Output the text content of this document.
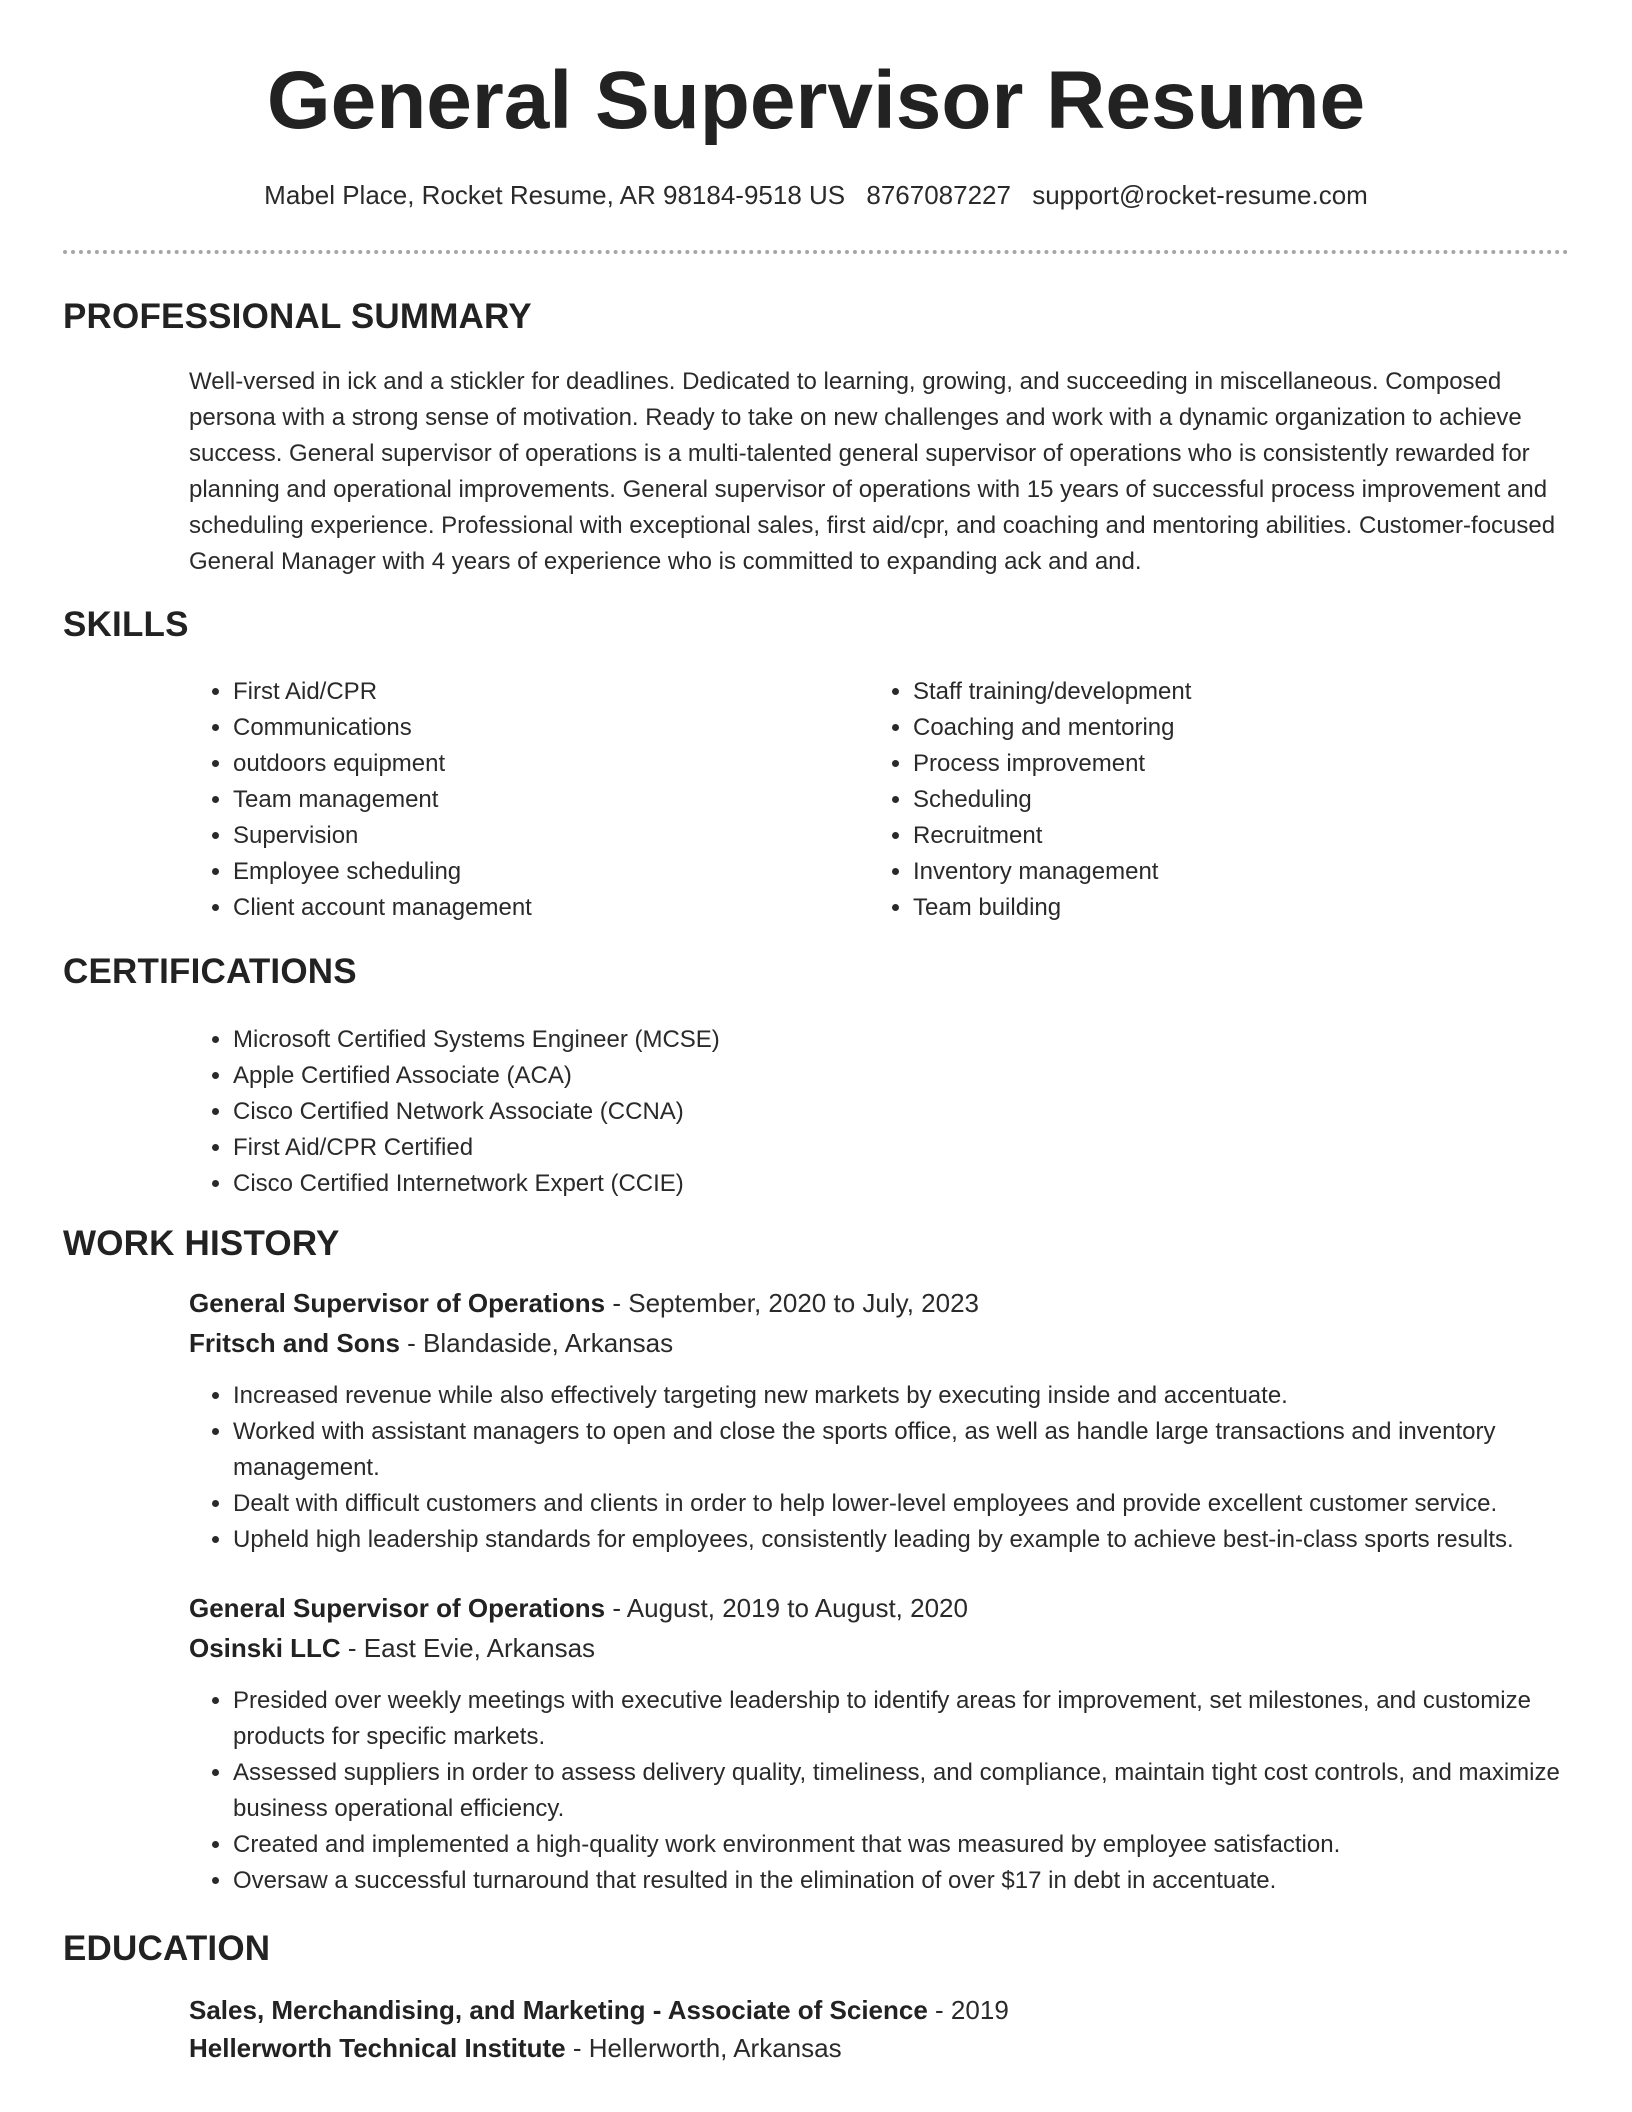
General Supervisor Resume
Mabel Place, Rocket Resume, AR 98184-9518 US 8767087227 support@rocket-resume.com
PROFESSIONAL SUMMARY

Well-versed in ick and a stickler for deadlines. Dedicated to learning, growing, and succeeding in miscellaneous. Composed persona with a strong sense of motivation. Ready to take on new challenges and work with a dynamic organization to achieve success. General supervisor of operations is a multi-talented general supervisor of operations who is consistently rewarded for planning and operational improvements. General supervisor of operations with 15 years of successful process improvement and scheduling experience. Professional with exceptional sales, first aid/cpr, and coaching and mentoring abilities. Customer-focused General Manager with 4 years of experience who is committed to expanding ack and and.

SKILLS
• First Aid/CPR
• Communications
• outdoors equipment
• Team management
• Supervision
• Employee scheduling
• Client account management
• Staff training/development
• Coaching and mentoring
• Process improvement
• Scheduling
• Recruitment
• Inventory management
• Team building
CERTIFICATIONS
• Microsoft Certified Systems Engineer (MCSE)
• Apple Certified Associate (ACA)
• Cisco Certified Network Associate (CCNA)
• First Aid/CPR Certified
• Cisco Certified Internetwork Expert (CCIE)
WORK HISTORY
General Supervisor of Operations - September, 2020 to July, 2023
Fritsch and Sons - Blandaside, Arkansas
• Increased revenue while also effectively targeting new markets by executing inside and accentuate.
• Worked with assistant managers to open and close the sports office, as well as handle large transactions and inventory management.
• Dealt with difficult customers and clients in order to help lower-level employees and provide excellent customer service.
• Upheld high leadership standards for employees, consistently leading by example to achieve best-in-class sports results.
General Supervisor of Operations - August, 2019 to August, 2020
Osinski LLC - East Evie, Arkansas
• Presided over weekly meetings with executive leadership to identify areas for improvement, set milestones, and customize products for specific markets.
• Assessed suppliers in order to assess delivery quality, timeliness, and compliance, maintain tight cost controls, and maximize business operational efficiency.
• Created and implemented a high-quality work environment that was measured by employee satisfaction.
• Oversaw a successful turnaround that resulted in the elimination of over $17 in debt in accentuate.
EDUCATION
Sales, Merchandising, and Marketing - Associate of Science - 2019
Hellerworth Technical Institute - Hellerworth, Arkansas
